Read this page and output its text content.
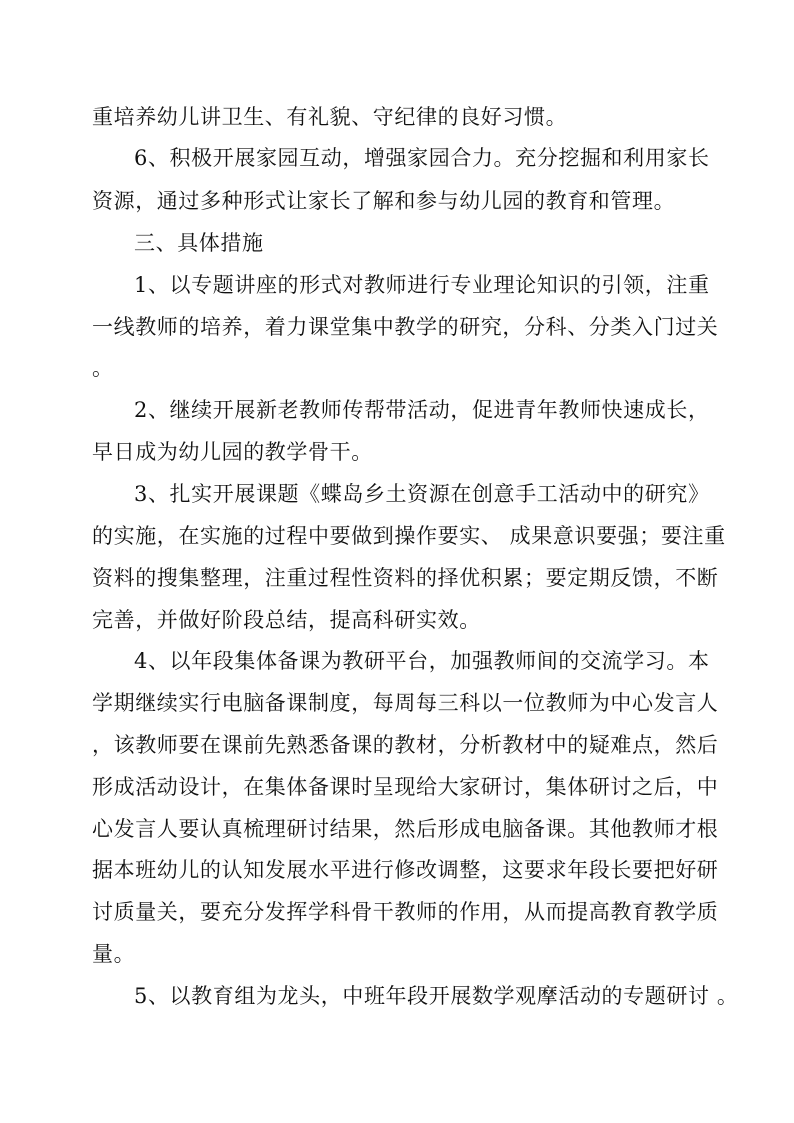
重培养幼儿讲卫生、有礼貌、守纪律的良好习惯。
6、积极开展家园互动，增强家园合力。充分挖掘和利用家长
资源，通过多种形式让家长了解和参与幼儿园的教育和管理。
三、具体措施
1、以专题讲座的形式对教师进行专业理论知识的引领，注重
一线教师的培养，着力课堂集中教学的研究，分科、分类入门过关
。
2、继续开展新老教师传帮带活动，促进青年教师快速成长，
早日成为幼儿园的教学骨干。
3、扎实开展课题《蝶岛乡土资源在创意手工活动中的研究》
的实施，在实施的过程中要做到操作要实、 成果意识要强；要注重
资料的搜集整理，注重过程性资料的择优积累；要定期反馈，不断
完善，并做好阶段总结，提高科研实效。
4、以年段集体备课为教研平台，加强教师间的交流学习。本
学期继续实行电脑备课制度，每周每三科以一位教师为中心发言人
，该教师要在课前先熟悉备课的教材，分析教材中的疑难点，然后
形成活动设计，在集体备课时呈现给大家研讨，集体研讨之后，中
心发言人要认真梳理研讨结果，然后形成电脑备课。其他教师才根
据本班幼儿的认知发展水平进行修改调整，这要求年段长要把好研
讨质量关，要充分发挥学科骨干教师的作用，从而提高教育教学质
量。
5、以教育组为龙头，中班年段开展数学观摩活动的专题研讨 。
